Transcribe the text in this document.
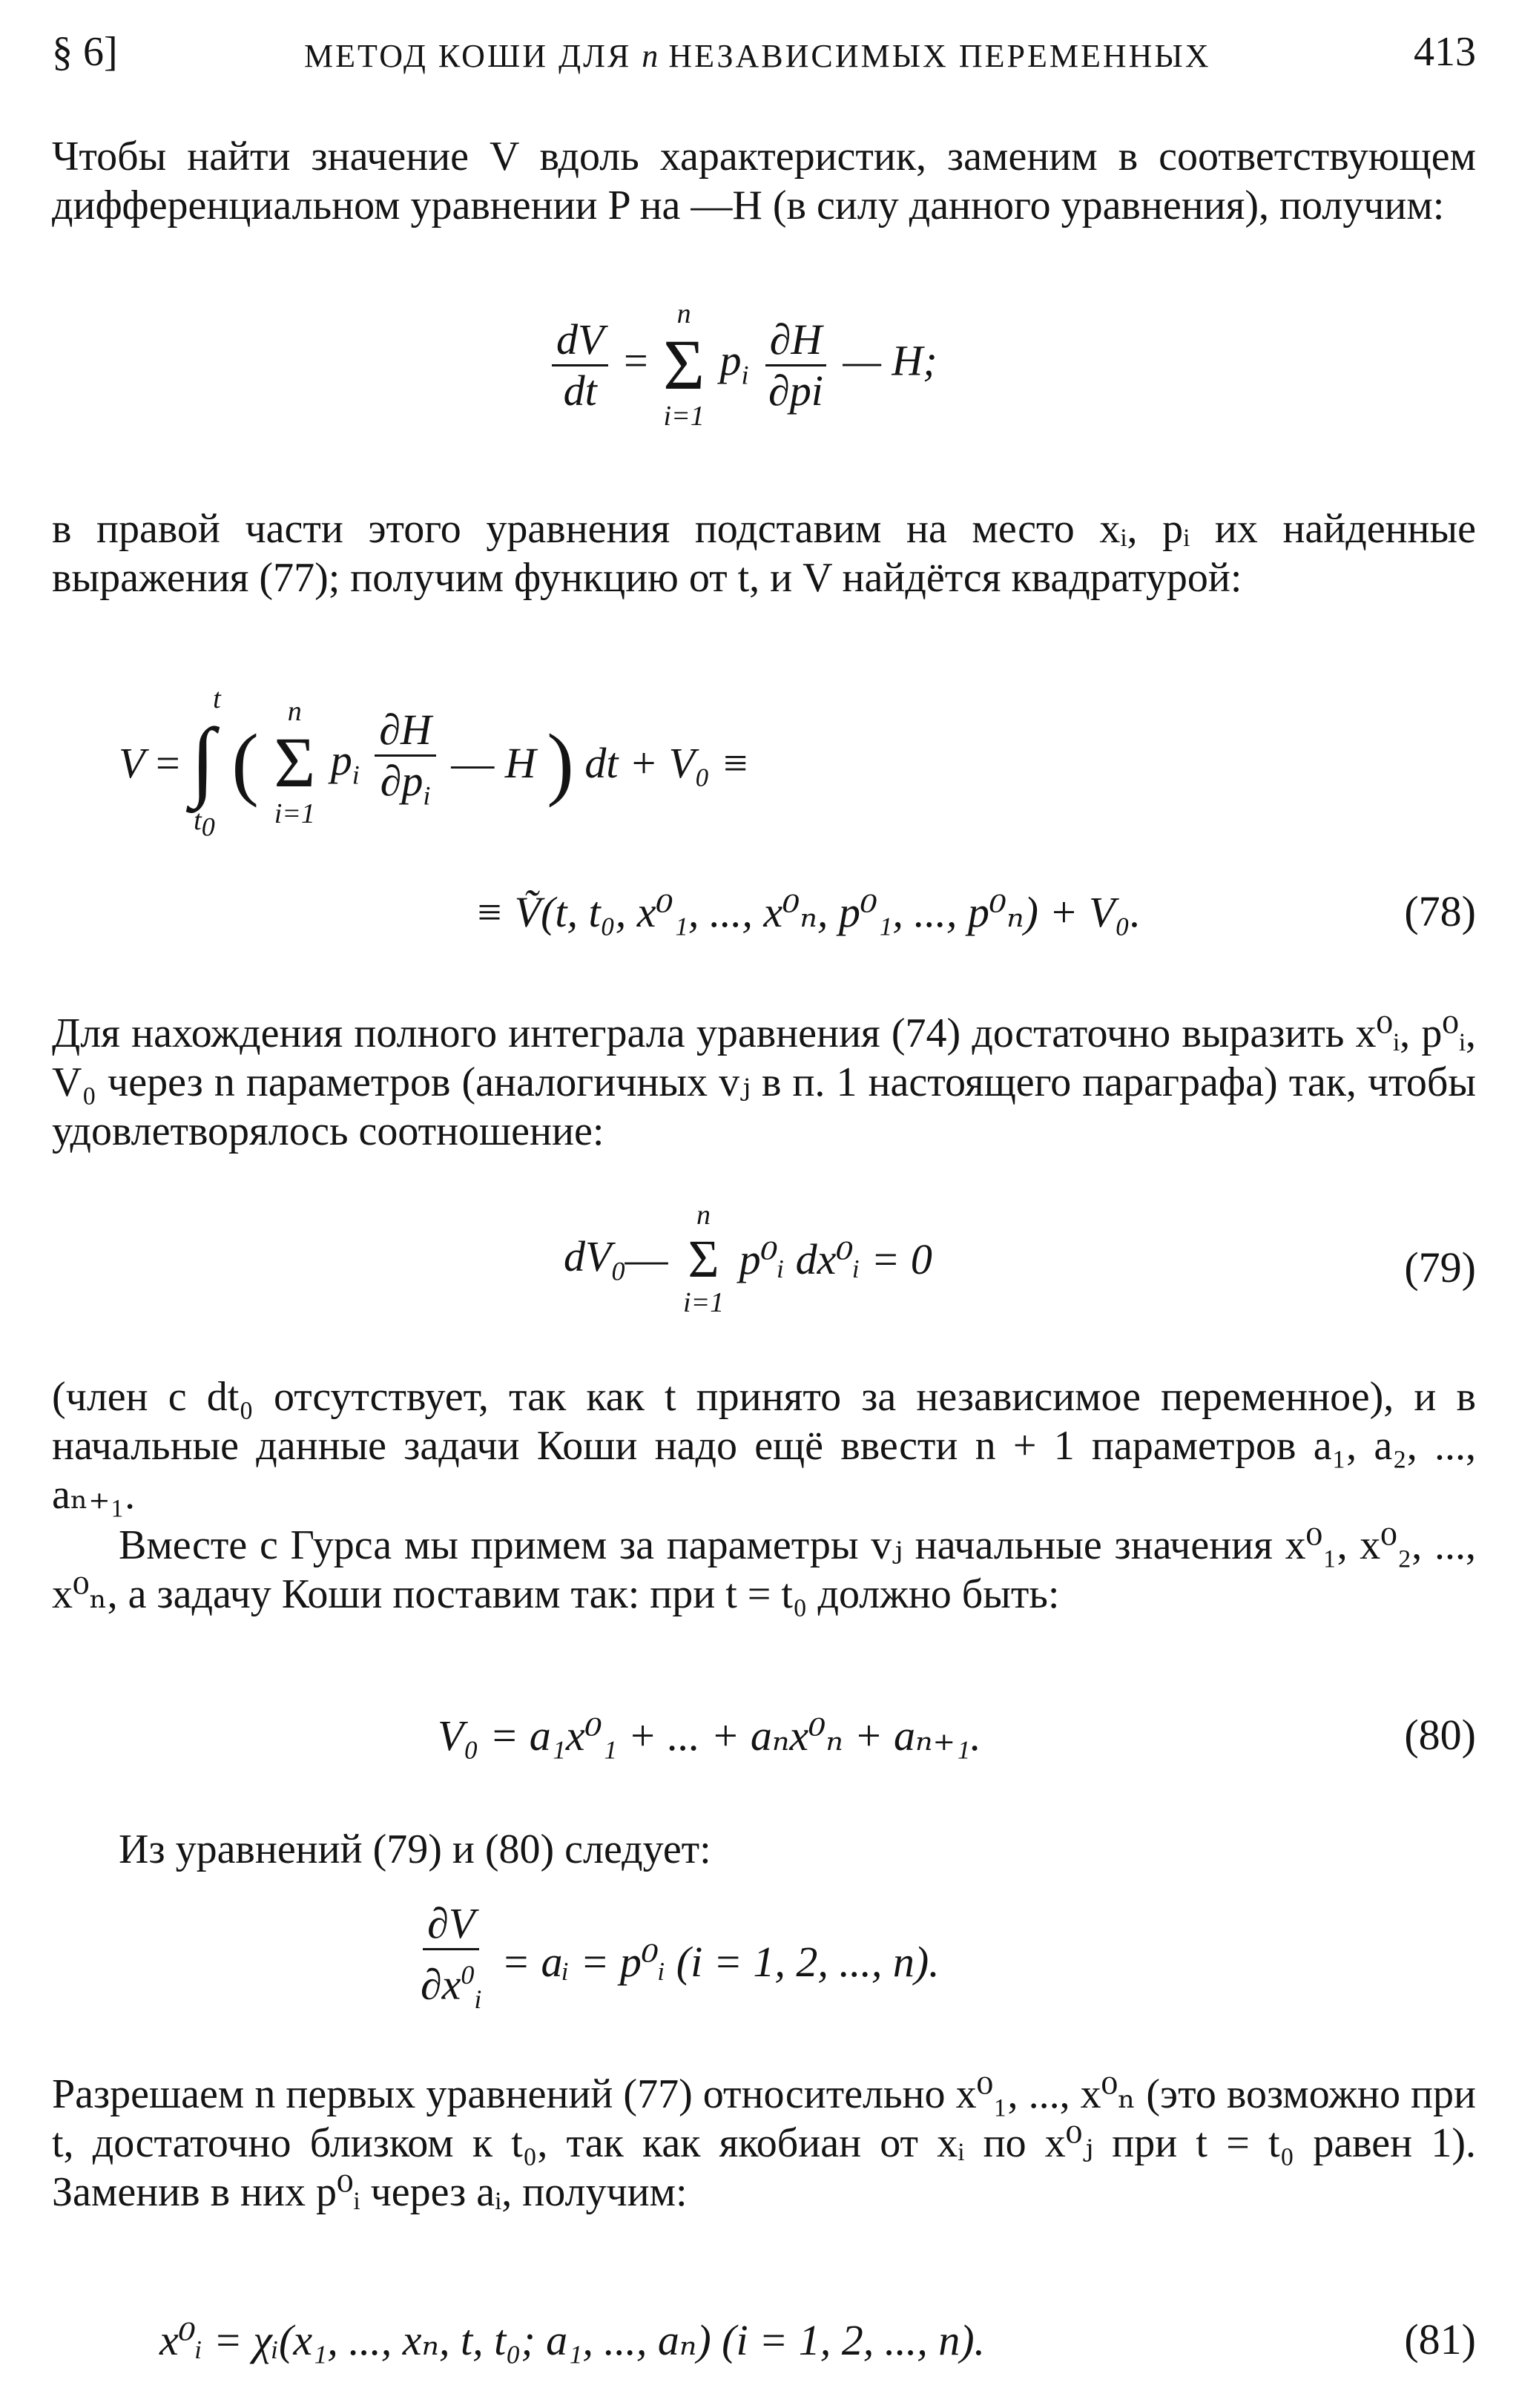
§ 6]	МЕТОД КОШИ ДЛЯ n НЕЗАВИСИМЫХ ПЕРЕМЕННЫХ	413
Чтобы найти значение V вдоль характеристик, заменим в соответствующем дифференциальном уравнении P на —H (в силу данного уравнения), получим:
$\frac{dV}{dt}$ =
n
Σ
i=1
$p_i \frac{\partial H}{\partial pi}$ — H;
в правой части этого уравнения подставим на место xᵢ, pᵢ их найденные выражения (77); получим функцию от t, и V найдётся квадратурой:
V =
t
∫
$t_0$
(
n
Σ
i=1
$p_i \frac{\partial H}{\partial p_i}$ — H ) dt + V₀ ≡
≡ Ṽ(t, t₀, x⁰₁, ..., x⁰ₙ, p⁰₁, ..., p⁰ₙ) + V₀.	(78)
Для нахождения полного интеграла уравнения (74) достаточно выразить x⁰ᵢ, p⁰ᵢ, V₀ через n параметров (аналогичных vⱼ в п. 1 настоящего параграфа) так, чтобы удовлетворялось соотношение:
$dV_0—$
n
Σ
i=1
p⁰ᵢ dx⁰ᵢ = 0	(79)
(член с dt₀ отсутствует, так как t принято за независимое переменное), и в начальные данные задачи Коши надо ещё ввести n + 1 параметров a₁, a₂, ..., aₙ₊₁.
Вместе с Гурса мы примем за параметры vⱼ начальные значения x⁰₁, x⁰₂, ..., x⁰ₙ, а задачу Коши поставим так: при t = t₀ должно быть:
V₀ = a₁x⁰₁ + ... + aₙx⁰ₙ + aₙ₊₁.	(80)
Из уравнений (79) и (80) следует:
$\frac{\partial V}{\partial x^0_i}$ = aᵢ = p⁰ᵢ (i = 1, 2, ..., n).
Разрешаем n первых уравнений (77) относительно x⁰₁, ..., x⁰ₙ (это возможно при t, достаточно близком к t₀, так как якобиан от xᵢ по x⁰ⱼ при t = t₀ равен 1). Заменив в них p⁰ᵢ через aᵢ, получим:
x⁰ᵢ = χᵢ(x₁, ..., xₙ, t, t₀; a₁, ..., aₙ) (i = 1, 2, ..., n).	(81)
